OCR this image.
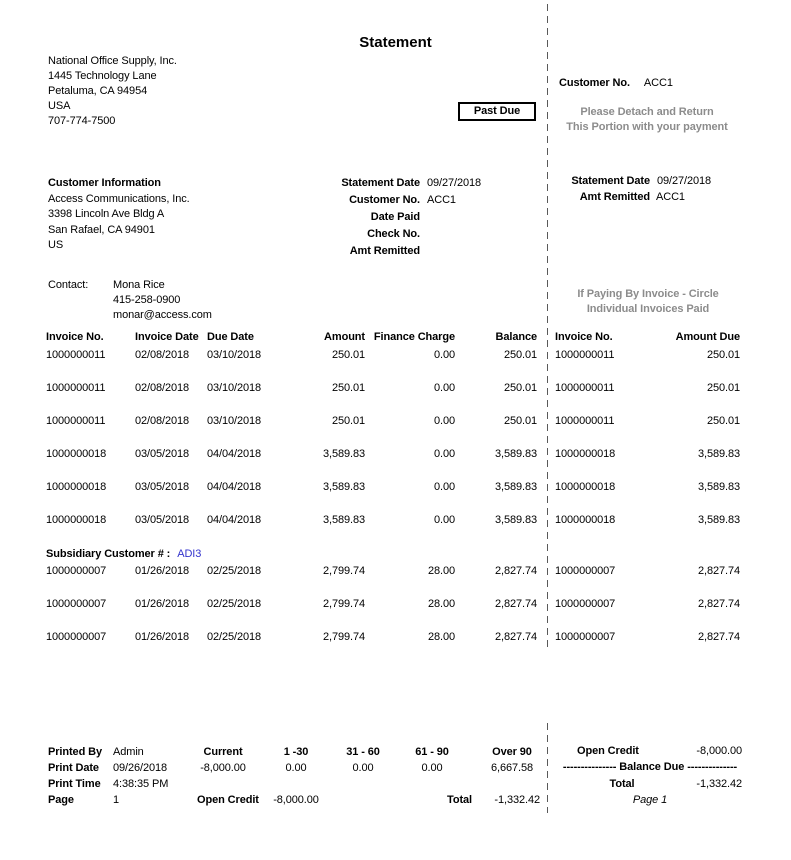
Statement
National Office Supply, Inc.
1445 Technology Lane
Petaluma, CA 94954
USA
707-774-7500
Past Due
Customer No. ACC1
Please Detach and Return
This Portion with your payment
Statement Date 09/27/2018
Amt Remitted ACC1
If Paying By Invoice - Circle
Individual Invoices Paid
Customer Information
Access Communications, Inc.
3398 Lincoln Ave Bldg A
San Rafael, CA 94901
US
Statement Date 09/27/2018
Customer No. ACC1
Date Paid
Check No.
Amt Remitted
Contact: Mona Rice
415-258-0900
monar@access.com
Invoice No.	Invoice Date Due Date	Amount Finance Charge	Balance Invoice No.	Amount Due
1000000011	02/08/2018	03/10/2018	250.01	0.00	250.01 1000000011	250.01
1000000011	02/08/2018	03/10/2018	250.01	0.00	250.01 1000000011	250.01
1000000011	02/08/2018	03/10/2018	250.01	0.00	250.01 1000000011	250.01
1000000018	03/05/2018	04/04/2018	3,589.83	0.00	3,589.83 1000000018	3,589.83
1000000018	03/05/2018	04/04/2018	3,589.83	0.00	3,589.83 1000000018	3,589.83
1000000018	03/05/2018	04/04/2018	3,589.83	0.00	3,589.83 1000000018	3,589.83
Subsidiary Customer # : ADI3
1000000007	01/26/2018	02/25/2018	2,799.74	28.00	2,827.74 1000000007	2,827.74
1000000007	01/26/2018	02/25/2018	2,799.74	28.00	2,827.74 1000000007	2,827.74
1000000007	01/26/2018	02/25/2018	2,799.74	28.00	2,827.74 1000000007	2,827.74
Printed By Admin
Print Date 09/26/2018
Print Time 4:38:35 PM
Page	1
Current	1 -30	31 - 60	61 - 90	Over 90
-8,000.00	0.00	0.00	0.00	6,667.58
Open Credit	-8,000.00	Total	-1,332.42
Open Credit	-8,000.00
--------------- Balance Due --------------
Total	-1,332.42
Page 1
